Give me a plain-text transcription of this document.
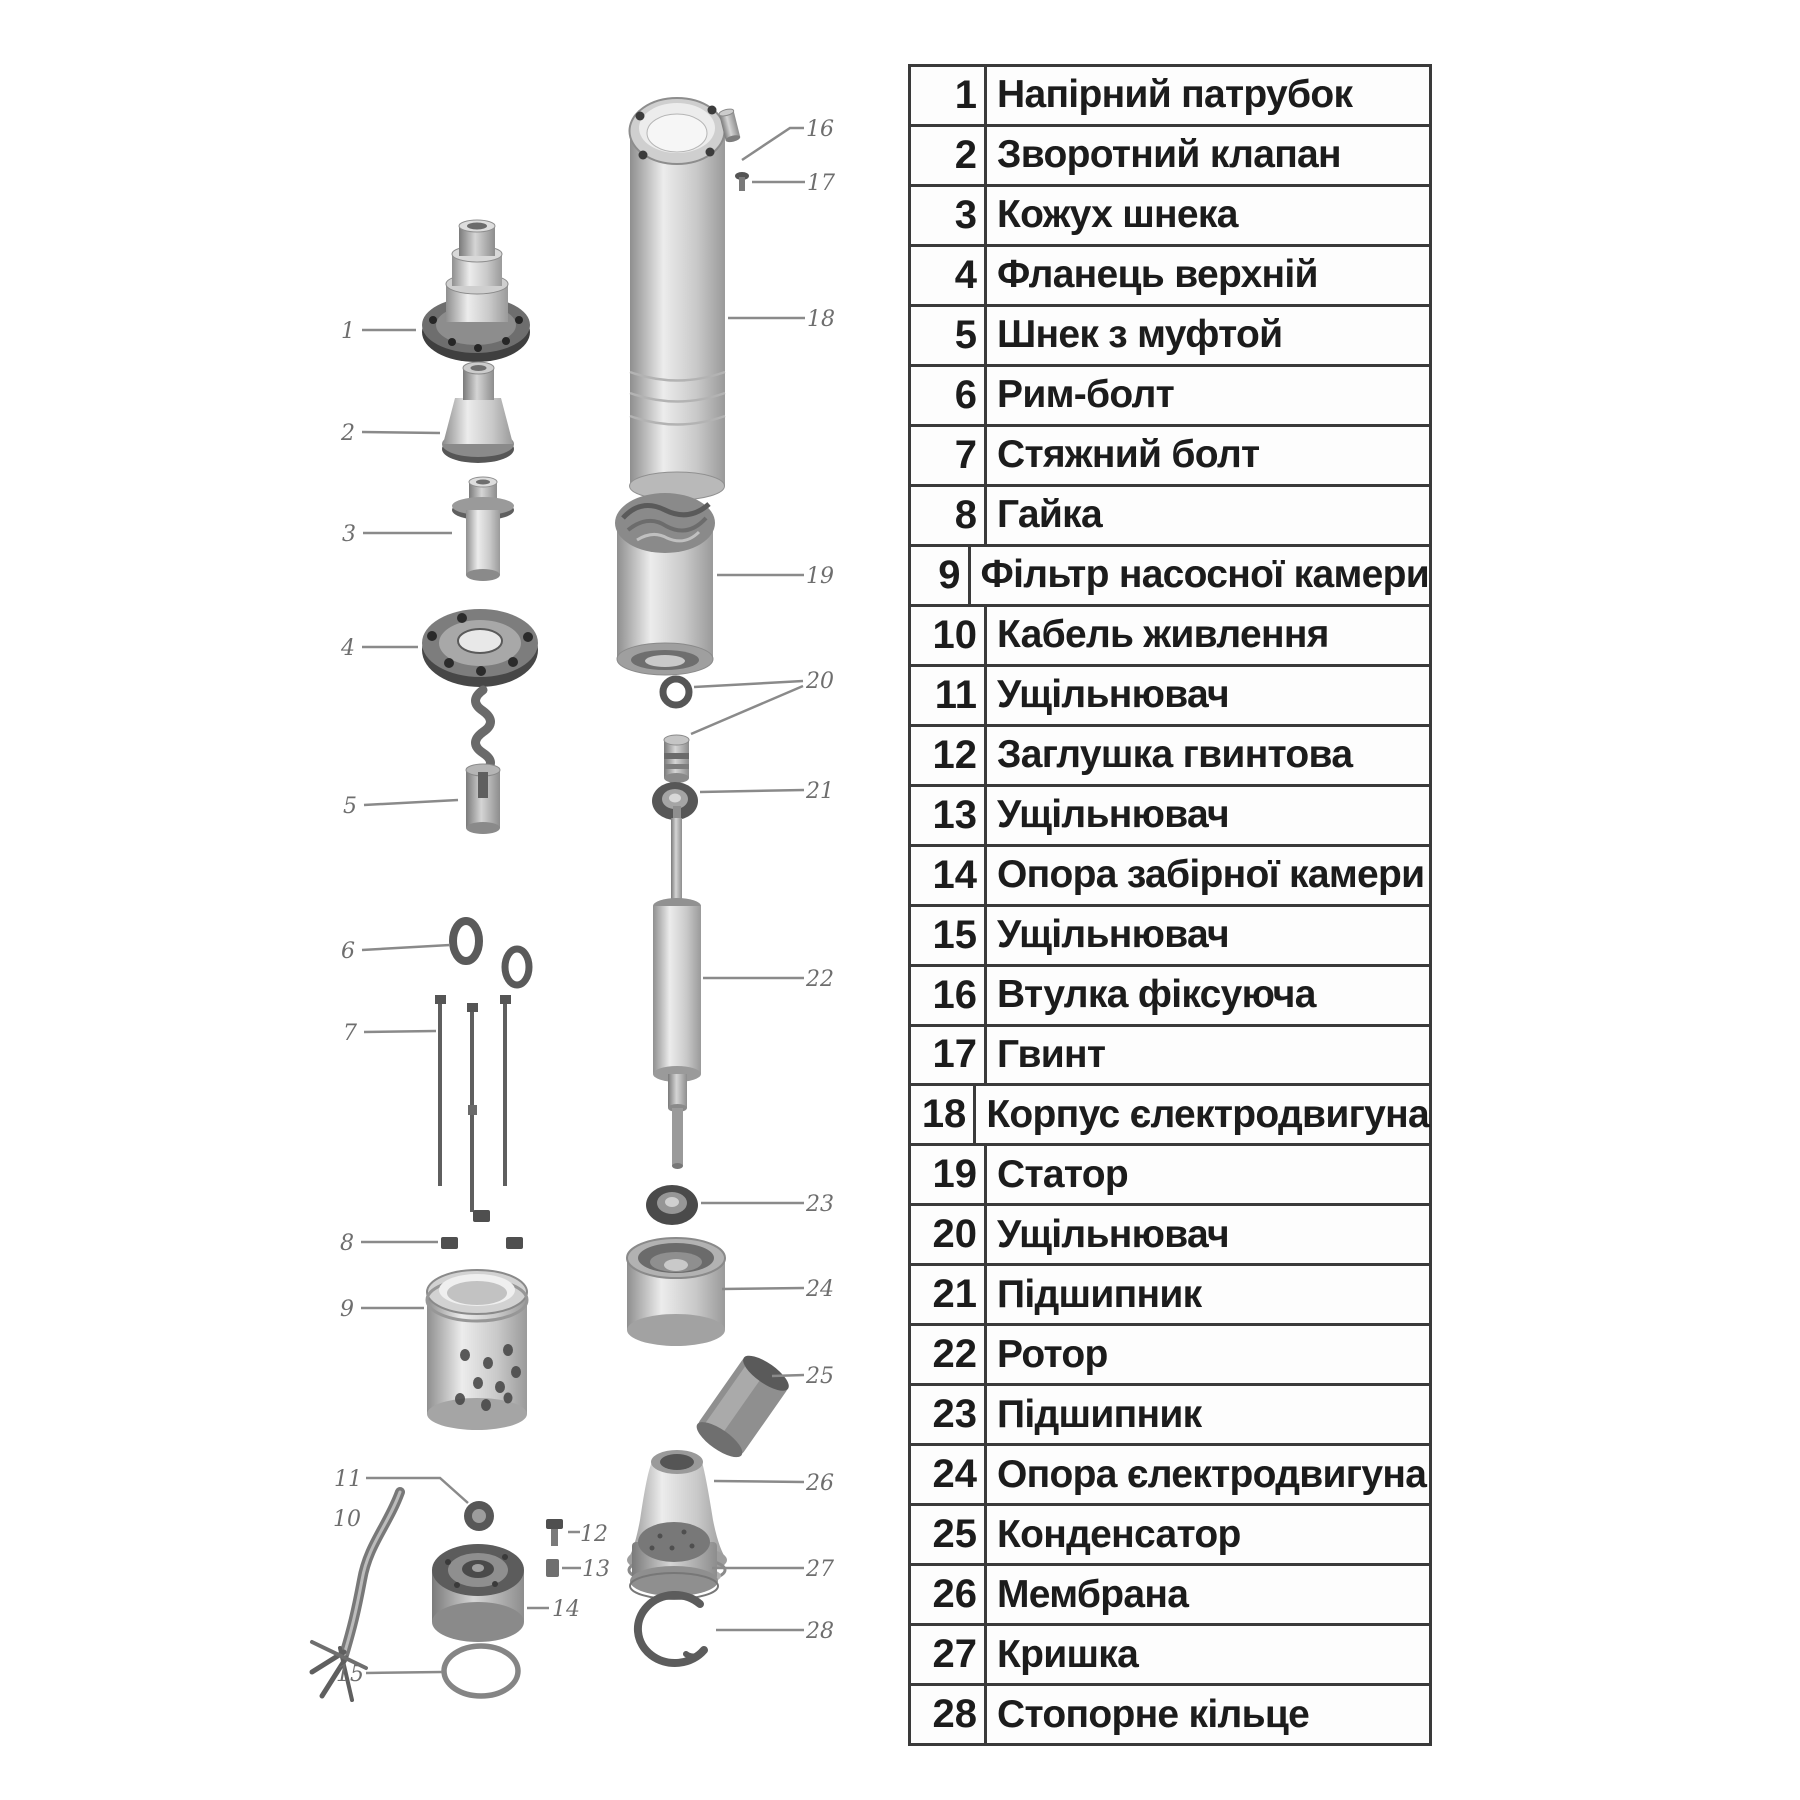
1
2
3
4
5
6
7
8
9
10
11
12
13
14
15
16
17
18
19
20
21
22
23
24
25
26
27
28
1 Напірний патрубок
2 Зворотний клапан
3 Кожух шнека
4 Фланець верхній
5 Шнек з муфтой
6 Рим-болт
7 Стяжний болт
8 Гайка
9 Фільтр насосної камери
10 Кабель живлення
11 Ущільнювач
12 Заглушка гвинтова
13 Ущільнювач
14 Опора забірної камери
15 Ущільнювач
16 Втулка фіксуюча
17 Гвинт
18 Корпус єлектродвигуна
19 Статор
20 Ущільнювач
21 Підшипник
22 Ротор
23 Підшипник
24 Опора єлектродвигуна
25 Конденсатор
26 Мембрана
27 Кришка
28 Стопорне кільце
